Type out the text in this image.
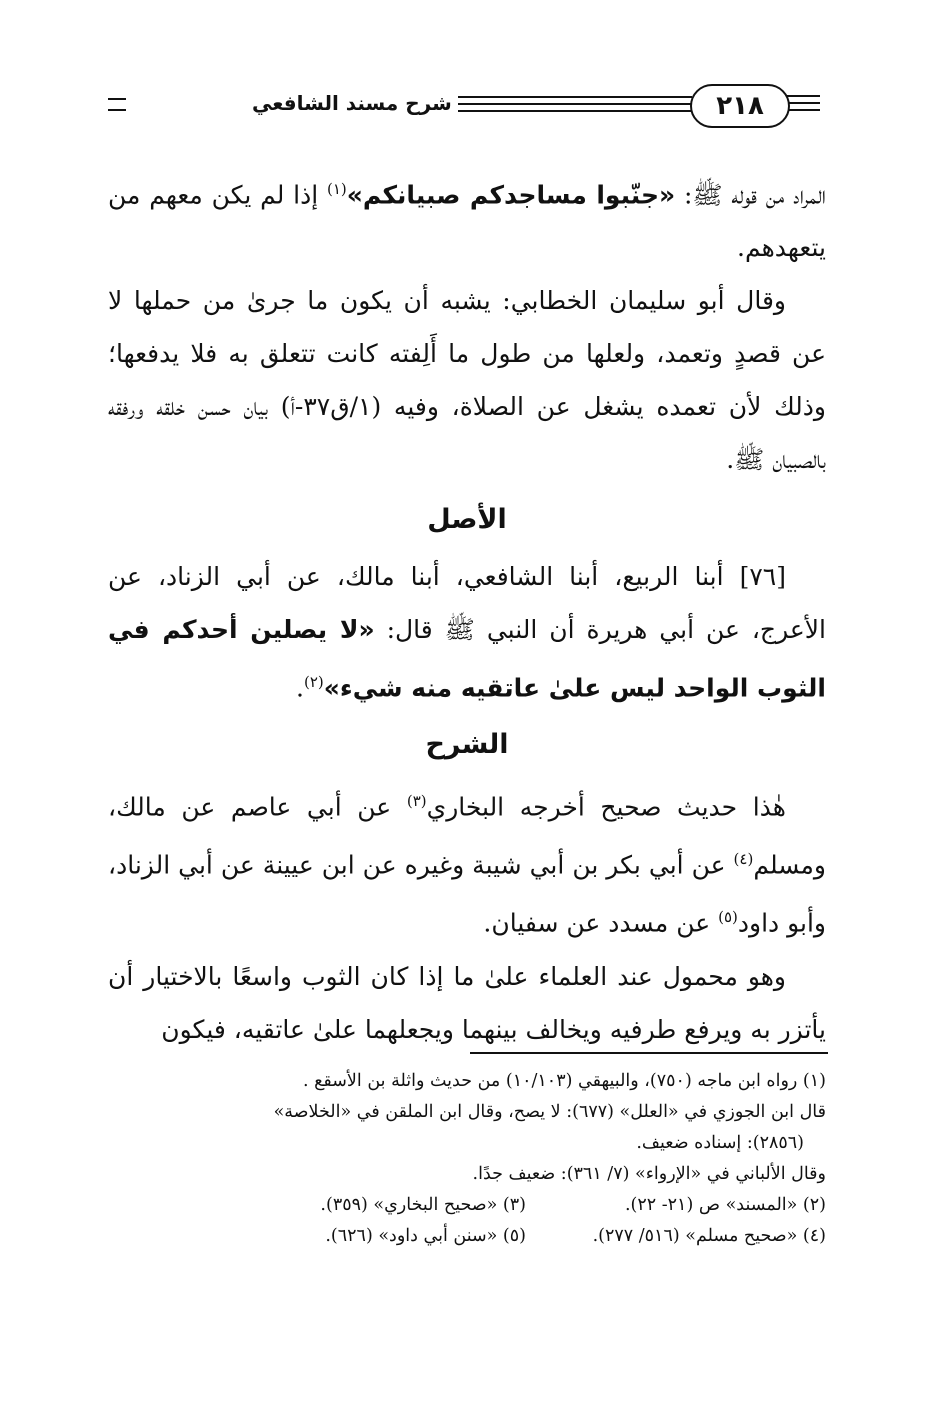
شرح مسند الشافعي	٢١٨

المراد من قوله ﷺ: «جنّبوا مساجدكم صبيانكم»$^{(١)}$ إذا لم يكن معهم من يتعهدهم.

وقال أبو سليمان الخطابي: يشبه أن يكون ما جرىٰ من حملها لا عن قصدٍ وتعمد، ولعلها من طول ما أَلِفته كانت تتعلق به فلا يدفعها؛ وذلك لأن تعمده يشغل عن الصلاة، وفيه (١/ق٣٧-أ) بيان حسن خلقه ورفقه بالصبيان ﷺ.

الأصل

[٧٦] أبنا الربيع، أبنا الشافعي، أبنا مالك، عن أبي الزناد، عن الأعرج، عن أبي هريرة أن النبي ﷺ قال: «لا يصلين أحدكم في الثوب الواحد ليس علىٰ عاتقيه منه شيء»$^{(٢)}$.

الشرح

هٰذا حديث صحيح أخرجه البخاري$^{(٣)}$ عن أبي عاصم عن مالك، ومسلم$^{(٤)}$ عن أبي بكر بن أبي شيبة وغيره عن ابن عيينة عن أبي الزناد، وأبو داود$^{(٥)}$ عن مسدد عن سفيان.

وهو محمول عند العلماء علىٰ ما إذا كان الثوب واسعًا بالاختيار أن يأتزر به ويرفع طرفيه ويخالف بينهما ويجعلهما علىٰ عاتقيه، فيكون

(١) رواه ابن ماجه (٧٥٠)، والبيهقي (١٠/١٠٣) من حديث واثلة بن الأسقع .

قال ابن الجوزي في «العلل» (٦٧٧): لا يصح، وقال ابن الملقن في «الخلاصة»

(٢٨٥٦): إسناده ضعيف.

وقال الألباني في «الإرواء» (٧/ ٣٦١): ضعيف جدًا.

(٢) «المسند» ص (٢١- ٢٢).
(٣) «صحيح البخاري» (٣٥٩).
(٤) «صحيح مسلم» (٥١٦/ ٢٧٧).
(٥) «سنن أبي داود» (٦٢٦).
